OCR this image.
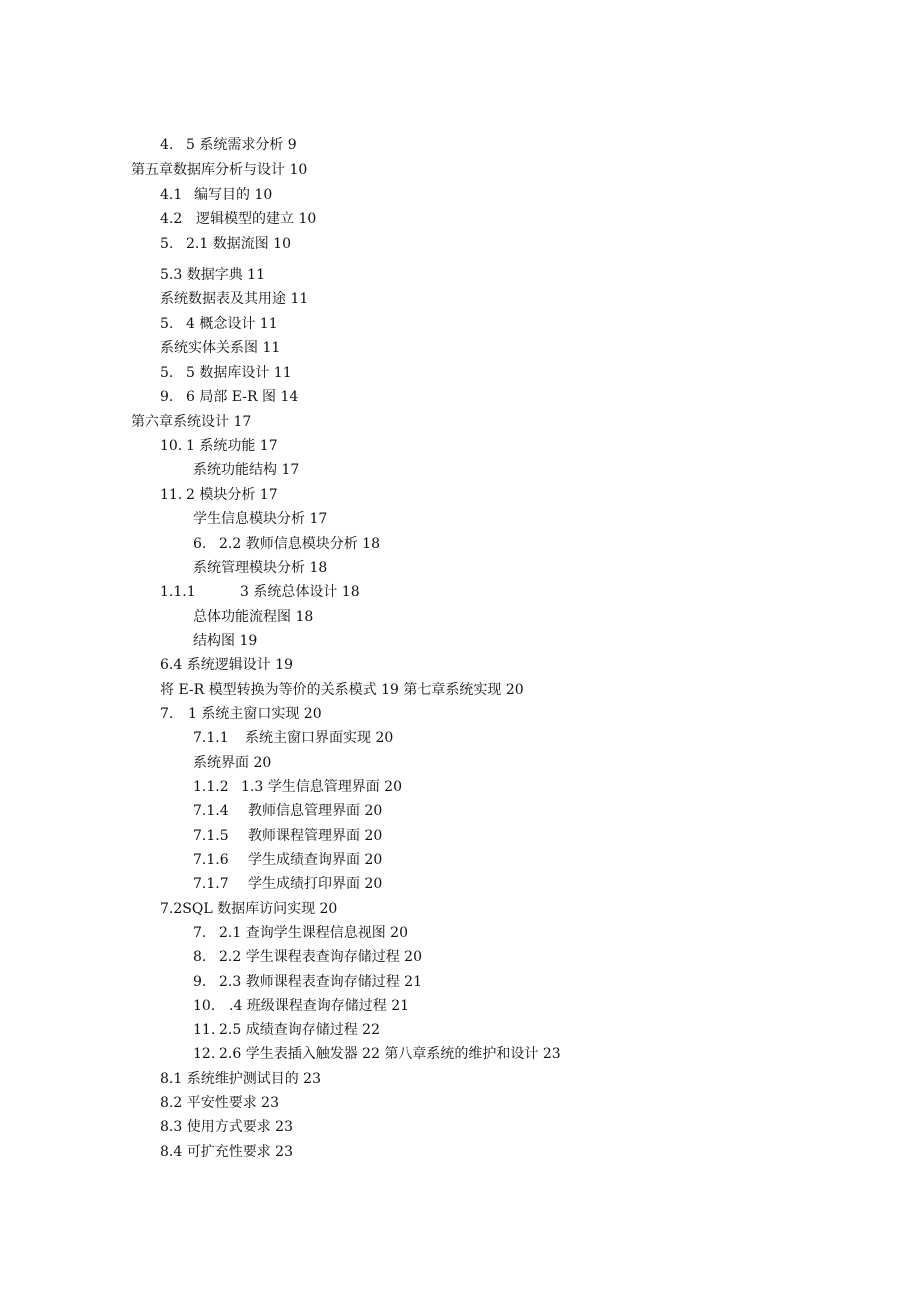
4. 5 系统需求分析 9
第五章数据库分析与设计 10
4.1 编写目的 10
4.2 逻辑模型的建立 10
5. 2.1 数据流图 10
5.3 数据字典 11
系统数据表及其用途 11
5. 4 概念设计 11
系统实体关系图 11
5. 5 数据库设计 11
9. 6 局部 E-R 图 14
第六章系统设计 17
10. 1 系统功能 17
系统功能结构 17
11. 2 模块分析 17
学生信息模块分析 17
6. 2.2 教师信息模块分析 18
系统管理模块分析 18
1.1.1	3 系统总体设计 18
总体功能流程图 18
结构图 19
6.4 系统逻辑设计 19
将 E-R 模型转换为等价的关系模式 19 第七章系统实现 20
7. 1 系统主窗口实现 20
7.1.1 系统主窗口界面实现 20
系统界面 20
1.1.2 1.3 学生信息管理界面 20
7.1.4 教师信息管理界面 20
7.1.5 教师课程管理界面 20
7.1.6 学生成绩查询界面 20
7.1.7 学生成绩打印界面 20
7.2SQL 数据库访问实现 20
7. 2.1 查询学生课程信息视图 20
8. 2.2 学生课程表查询存储过程 20
9. 2.3 教师课程表查询存储过程 21
10. .4 班级课程查询存储过程 21
11. 2.5 成绩查询存储过程 22
12. 2.6 学生表插入触发器 22 第八章系统的维护和设计 23
8.1 系统维护测试目的 23
8.2 平安性要求 23
8.3 使用方式要求 23
8.4 可扩充性要求 23
